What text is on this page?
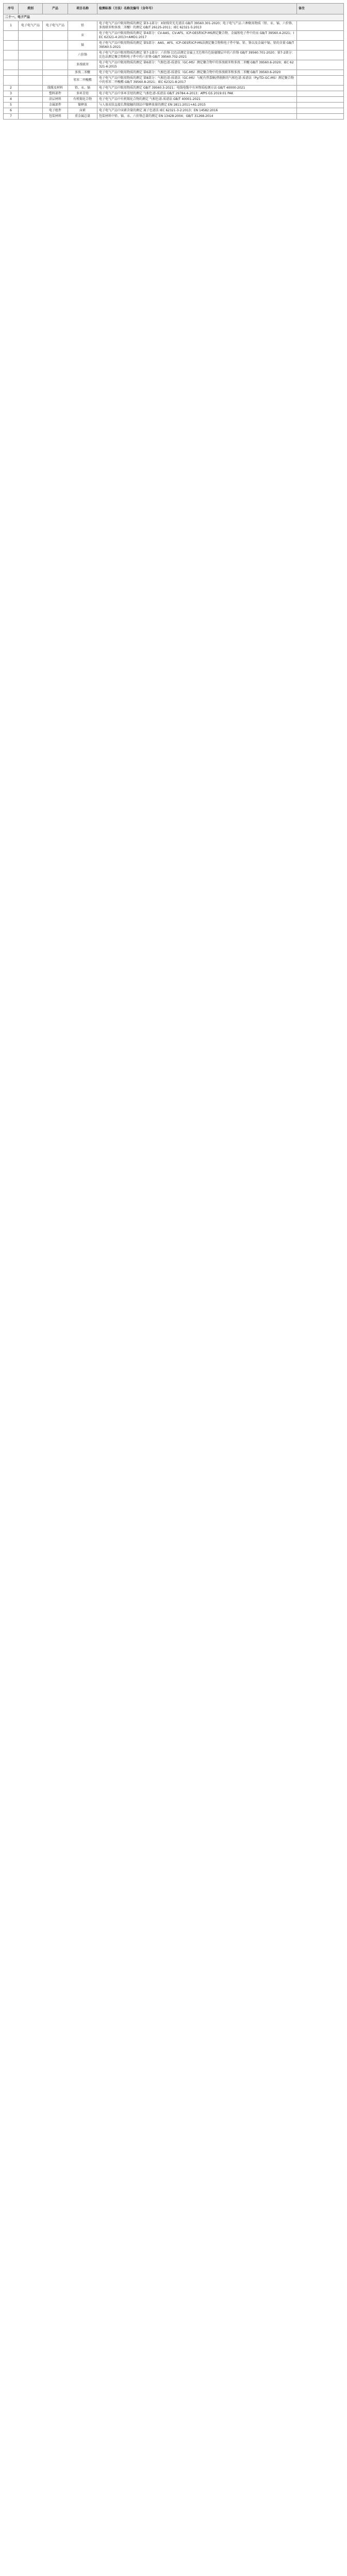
序号	类别	产品	项目名称	检测标准（方法）名称及编号（含年号）	备注
二十一、电子产品					
1	电子电气产品	电子电气产品	铅	电子电气产品中限用物质的测定 第3-1部分：X射线荧光光谱法 GB/T 39560.301-2020；电子电气产品 六种限用物质（铅、汞、镉、六价铬、多溴联苯和多溴二苯醚）的测定 GB/T 26125-2011；IEC 62321-5:2013	
			汞	电子电气产品中限用物质的测定 第4部分：CV-AAS、CV-AFS、ICP-OES和ICP-MS测定聚合物、金属和电子件中的汞 GB/T 39560.4-2021；IEC 62321-4:2013+AMD1:2017	
			镉	电子电气产品中限用物质的测定 第5部分：AAS、AFS、ICP-OES和ICP-MS法测定聚合物和电子件中镉、铅、铬以及金属中镉、铅的含量 GB/T 39560.5-2021	
			六价铬	电子电气产品中限用物质的测定 第7-1部分：六价铬 比色法测定金属上无色和有色防腐镀层中的六价铬 GB/T 39560.701-2020；第7-2部分：比色法测定聚合物和电子件中的六价铬 GB/T 39560.702-2021	
			多溴联苯	电子电气产品中限用物质的测定 第6部分：气相色谱-质谱仪（GC-MS）测定聚合物中的多溴联苯和多溴二苯醚 GB/T 39560.6-2020；IEC 62321-6:2015	
			多溴二苯醚	电子电气产品中限用物质的测定 第6部分：气相色谱-质谱仪（GC-MS）测定聚合物中的多溴联苯和多溴二苯醚 GB/T 39560.6-2020	
			邻苯二甲酸酯	电子电气产品中限用物质的测定 第8部分：气相色谱-质谱法（GC-MS）与配有热裂解/热脱附的气相色谱-质谱法（Py/TD-GC-MS）测定聚合物中的邻苯二甲酸酯 GB/T 39560.8-2021；IEC 62321-8:2017	
2		线缆及材料	铅、汞、镉	电子电气产品中限用物质的测定 GB/T 39560.5-2021；电线电缆中有害物质检测方法 GB/T 40000-2021	
3		塑料部件	多环芳烃	电子电气产品中多环芳烃的测定 气相色谱-质谱法 GB/T 29784.4-2013；AfPS GS 2019:01 PAK	
4		涂层材料	有机锡化合物	电子电气产品中有机锡化合物的测定 气相色谱-质谱法 GB/T 40001-2021	
5		金属部件	镍释放	与人体皮肤直接长期接触的制品中镍释放量的测定 EN 1811:2011+A1:2015	
6		电子组件	卤素	电子电气产品中卤素含量的测定 离子色谱法 IEC 62321-3-2:2013；EN 14582:2016	
7		包装材料	重金属总量	包装材料中铅、镉、汞、六价铬总量的测定 EN 13428:2004；GB/T 31268-2014	
